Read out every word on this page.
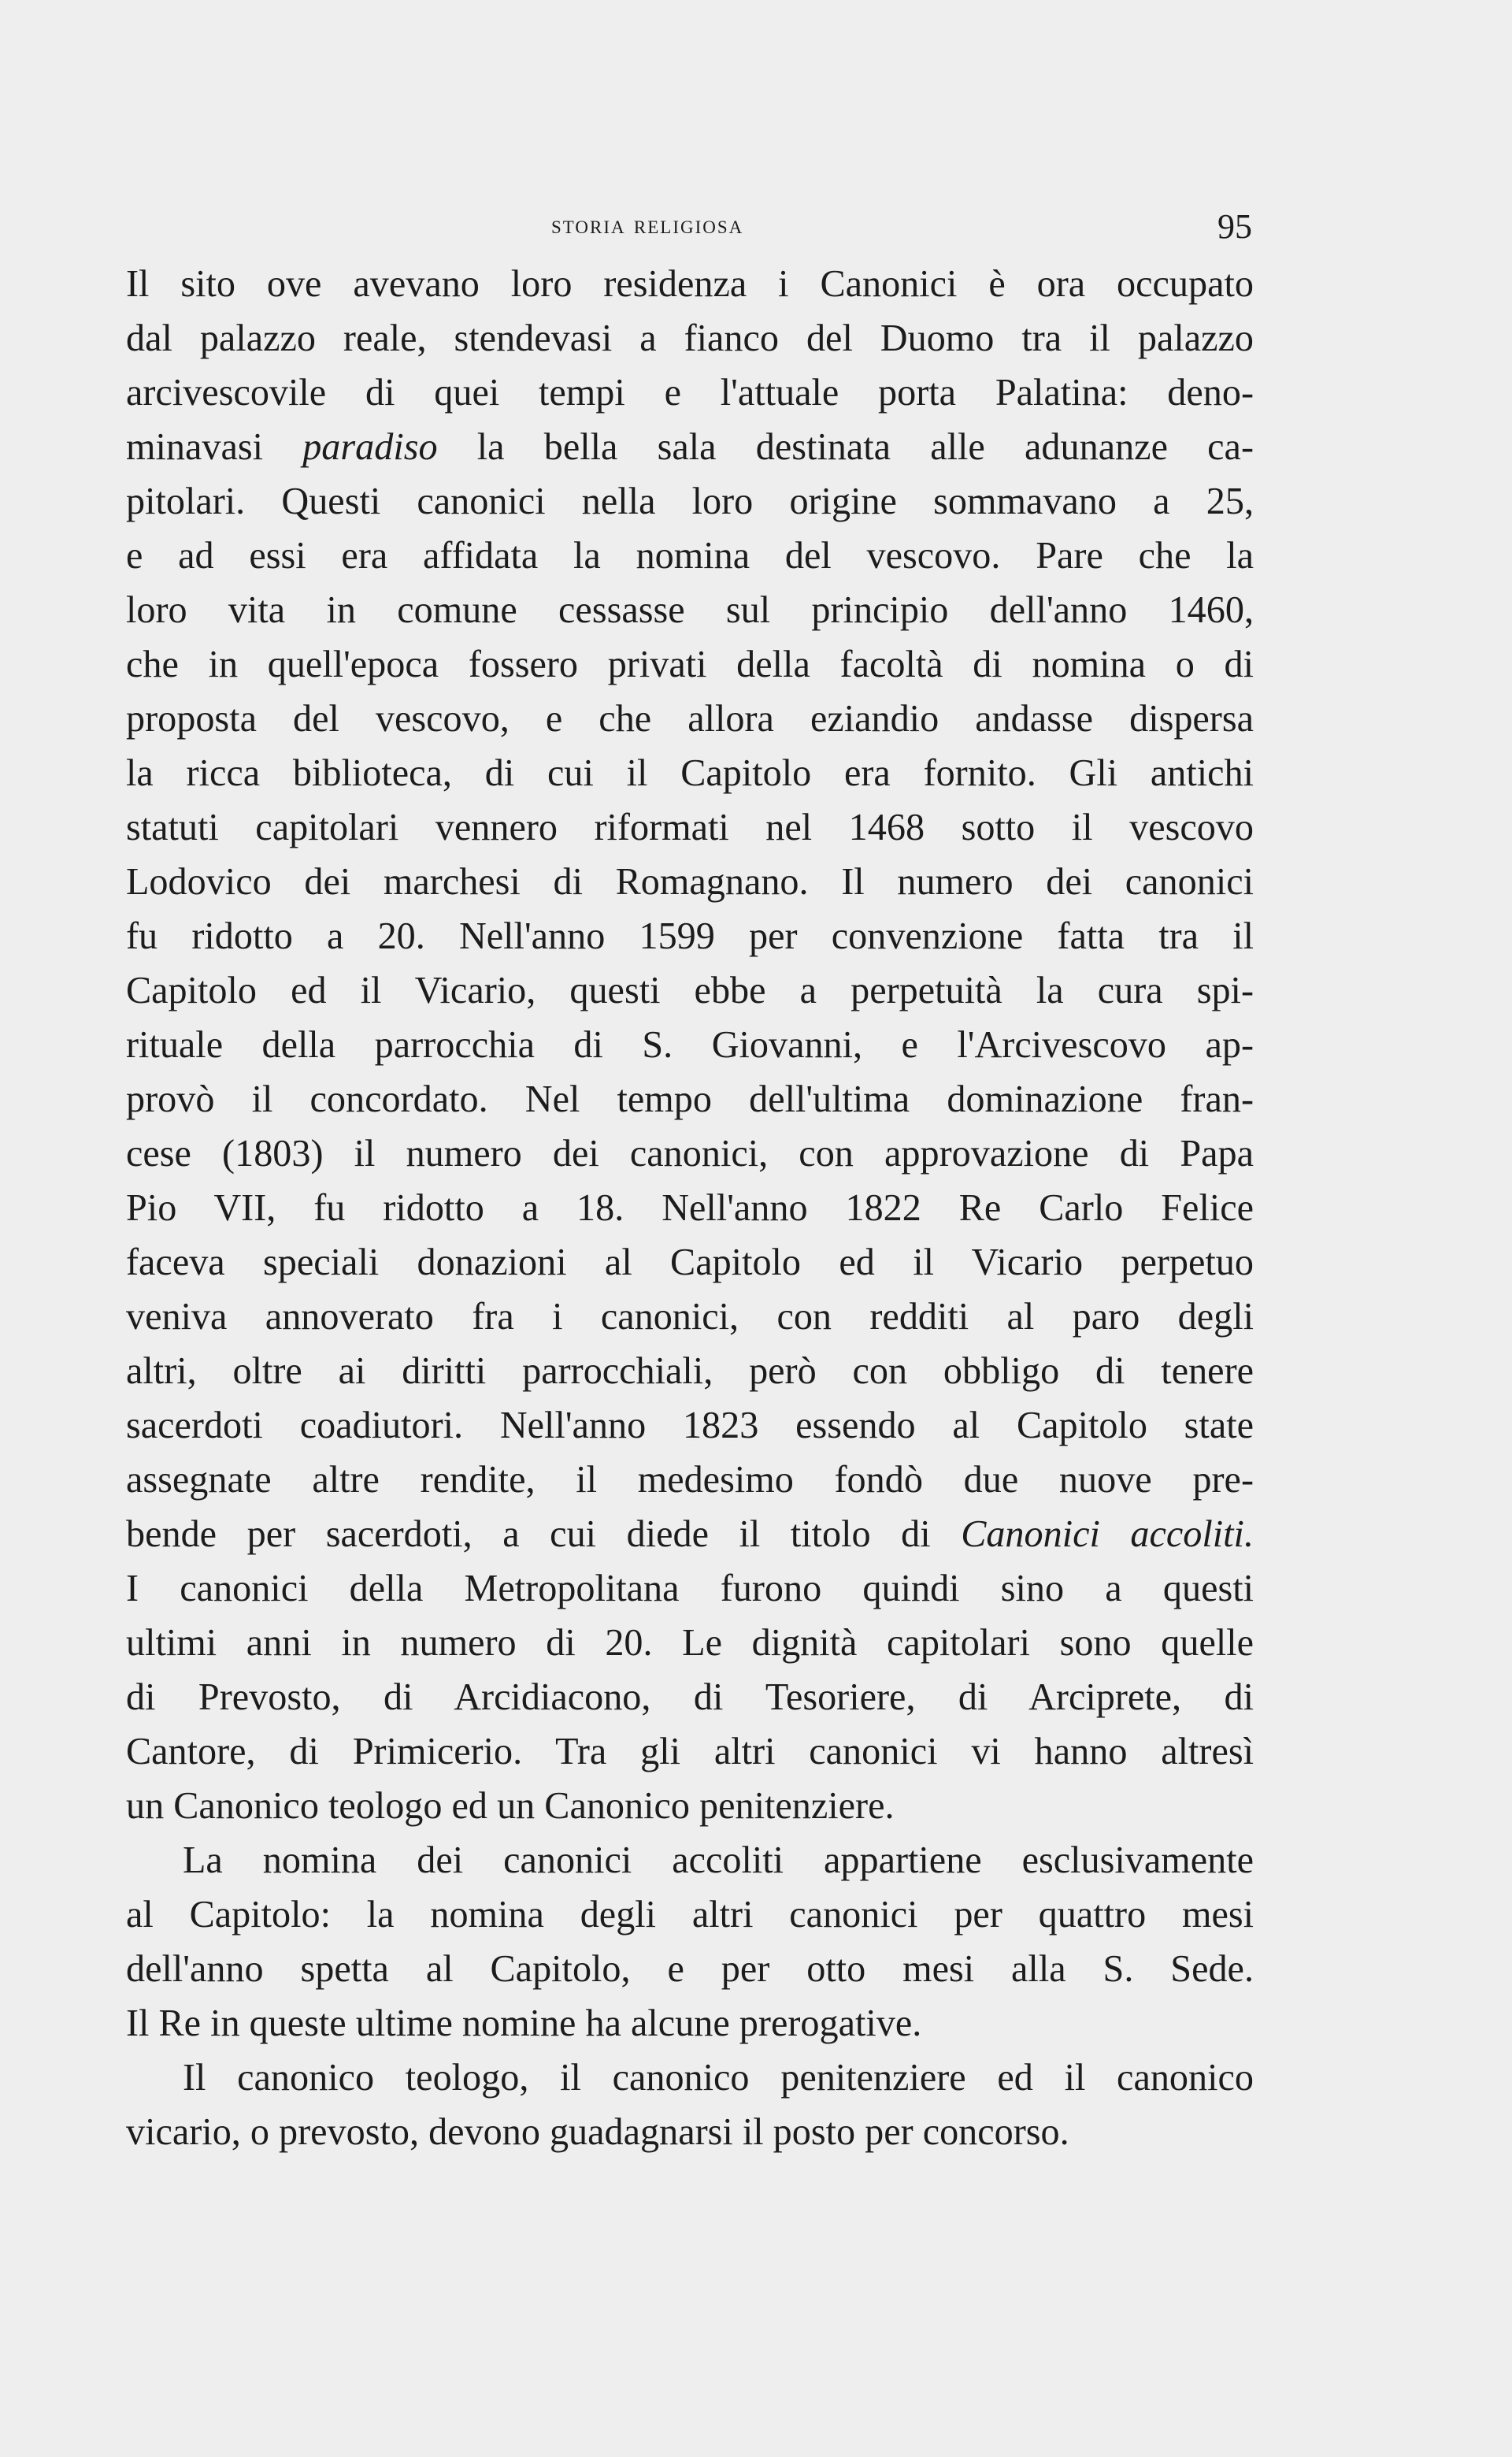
storia religiosa	95
Il sito ove avevano loro residenza i Canonici è ora occupato
dal palazzo reale, stendevasi a fianco del Duomo tra il palazzo
arcivescovile di quei tempi e l'attuale porta Palatina: deno-
minavasi paradiso la bella sala destinata alle adunanze ca-
pitolari. Questi canonici nella loro origine sommavano a 25,
e ad essi era affidata la nomina del vescovo. Pare che la
loro vita in comune cessasse sul principio dell'anno 1460,
che in quell'epoca fossero privati della facoltà di nomina o di
proposta del vescovo, e che allora eziandio andasse dispersa
la ricca biblioteca, di cui il Capitolo era fornito. Gli antichi
statuti capitolari vennero riformati nel 1468 sotto il vescovo
Lodovico dei marchesi di Romagnano. Il numero dei canonici
fu ridotto a 20. Nell'anno 1599 per convenzione fatta tra il
Capitolo ed il Vicario, questi ebbe a perpetuità la cura spi-
rituale della parrocchia di S. Giovanni, e l'Arcivescovo ap-
provò il concordato. Nel tempo dell'ultima dominazione fran-
cese (1803) il numero dei canonici, con approvazione di Papa
Pio VII, fu ridotto a 18. Nell'anno 1822 Re Carlo Felice
faceva speciali donazioni al Capitolo ed il Vicario perpetuo
veniva annoverato fra i canonici, con redditi al paro degli
altri, oltre ai diritti parrocchiali, però con obbligo di tenere
sacerdoti coadiutori. Nell'anno 1823 essendo al Capitolo state
assegnate altre rendite, il medesimo fondò due nuove pre-
bende per sacerdoti, a cui diede il titolo di Canonici accoliti.
I canonici della Metropolitana furono quindi sino a questi
ultimi anni in numero di 20. Le dignità capitolari sono quelle
di Prevosto, di Arcidiacono, di Tesoriere, di Arciprete, di
Cantore, di Primicerio. Tra gli altri canonici vi hanno altresì
un Canonico teologo ed un Canonico penitenziere.
La nomina dei canonici accoliti appartiene esclusivamente
al Capitolo: la nomina degli altri canonici per quattro mesi
dell'anno spetta al Capitolo, e per otto mesi alla S. Sede.
Il Re in queste ultime nomine ha alcune prerogative.
Il canonico teologo, il canonico penitenziere ed il canonico
vicario, o prevosto, devono guadagnarsi il posto per concorso.
